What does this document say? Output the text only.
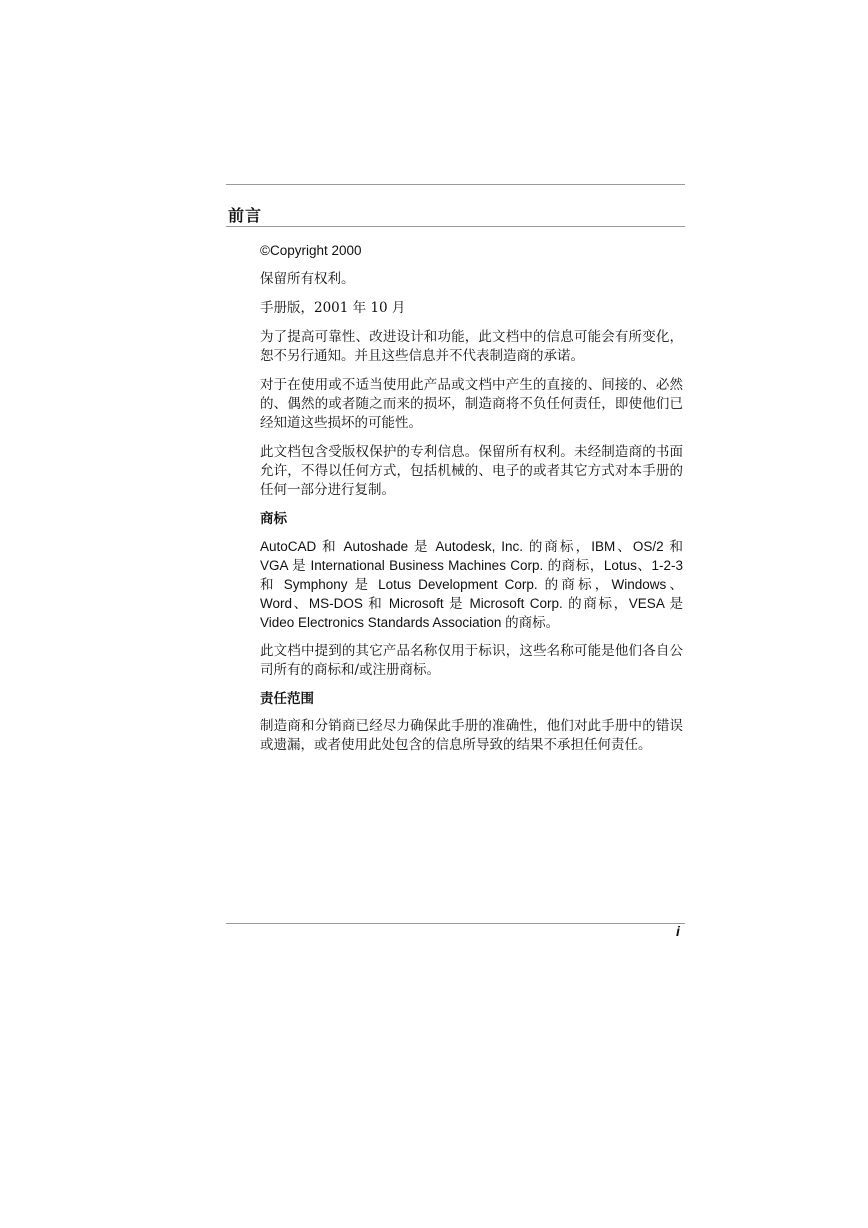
前言

©Copyright 2000

保留所有权利。

手册版，2001 年 10 月

为了提高可靠性、改进设计和功能，此文档中的信息可能会有所变化，恕不另行通知。并且这些信息并不代表制造商的承诺。

对于在使用或不适当使用此产品或文档中产生的直接的、间接的、必然的、偶然的或者随之而来的损坏，制造商将不负任何责任，即使他们已经知道这些损坏的可能性。

此文档包含受版权保护的专利信息。保留所有权利。未经制造商的书面允许，不得以任何方式，包括机械的、电子的或者其它方式对本手册的任何一部分进行复制。

商标

AutoCAD 和 Autoshade 是 Autodesk, Inc. 的商标，IBM、OS/2 和 VGA 是 International Business Machines Corp. 的商标，Lotus、1-2-3 和 Symphony 是 Lotus Development Corp. 的商标，Windows、Word、MS-DOS 和 Microsoft 是 Microsoft Corp. 的商标，VESA 是 Video Electronics Standards Association 的商标。

此文档中提到的其它产品名称仅用于标识，这些名称可能是他们各自公司所有的商标和/或注册商标。

责任范围

制造商和分销商已经尽力确保此手册的准确性，他们对此手册中的错误或遗漏，或者使用此处包含的信息所导致的结果不承担任何责任。

i
